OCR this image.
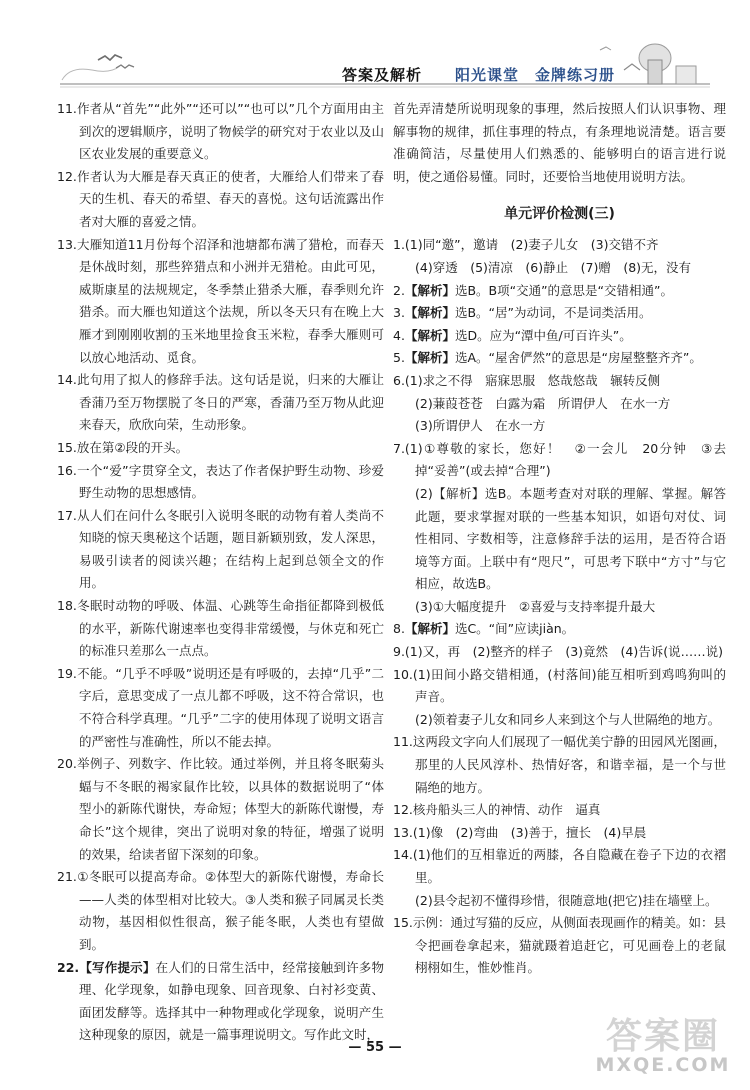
答案及解析 阳光课堂　金牌练习册

11.作者从“首先”“此外”“还可以”“也可以”几个方面用由主到次的逻辑顺序，说明了物候学的研究对于农业以及山区农业发展的重要意义。

12.作者认为大雁是春天真正的使者，大雁给人们带来了春天的生机、春天的希望、春天的喜悦。这句话流露出作者对大雁的喜爱之情。

13.大雁知道11月份每个沼泽和池塘都布满了猎枪，而春天是休战时刻，那些猝猎点和小洲并无猎枪。由此可见，威斯康星的法规规定，冬季禁止猎杀大雁，春季则允许猎杀。而大雁也知道这个法规，所以冬天只有在晚上大雁才到刚刚收割的玉米地里捡食玉米粒，春季大雁则可以放心地活动、觅食。

14.此句用了拟人的修辞手法。这句话是说，归来的大雁让香蒲乃至万物摆脱了冬日的严寒，香蒲乃至万物从此迎来春天，欣欣向荣，生动形象。

15.放在第②段的开头。

16.一个“爱”字贯穿全文，表达了作者保护野生动物、珍爱野生动物的思想感情。

17.从人们在问什么冬眠引入说明冬眠的动物有着人类尚不知晓的惊天奥秘这个话题，题目新颖别致，发人深思，易吸引读者的阅读兴趣；在结构上起到总领全文的作用。

18.冬眠时动物的呼吸、体温、心跳等生命指征都降到极低的水平，新陈代谢速率也变得非常缓慢，与休克和死亡的标准只差那么一点点。

19.不能。“几乎不呼吸”说明还是有呼吸的，去掉“几乎”二字后，意思变成了一点儿都不呼吸，这不符合常识，也不符合科学真理。“几乎”二字的使用体现了说明文语言的严密性与准确性，所以不能去掉。

20.举例子、列数字、作比较。通过举例，并且将冬眠菊头蝠与不冬眠的褐家鼠作比较，以具体的数据说明了“体型小的新陈代谢快，寿命短；体型大的新陈代谢慢，寿命长”这个规律，突出了说明对象的特征，增强了说明的效果，给读者留下深刻的印象。

21.①冬眠可以提高寿命。②体型大的新陈代谢慢，寿命长——人类的体型相对比较大。③人类和猴子同属灵长类动物，基因相似性很高，猴子能冬眠，人类也有望做到。

22.【写作提示】在人们的日常生活中，经常接触到许多物理、化学现象，如静电现象、回音现象、白衬衫变黄、面团发酵等。选择其中一种物理或化学现象，说明产生这种现象的原因，就是一篇事理说明文。写作此文时，

首先弄清楚所说明现象的事理，然后按照人们认识事物、理解事物的规律，抓住事理的特点，有条理地说清楚。语言要准确简洁，尽量使用人们熟悉的、能够明白的语言进行说明，使之通俗易懂。同时，还要恰当地使用说明方法。

单元评价检测(三)

1.(1)同“邀”，邀请　(2)妻子儿女　(3)交错不齐

(4)穿透　(5)清凉　(6)静止　(7)赠　(8)无，没有

2.【解析】选B。B项“交通”的意思是“交错相通”。

3.【解析】选B。“居”为动词，不是词类活用。

4.【解析】选D。应为“潭中鱼/可百许头”。

5.【解析】选A。“屋舍俨然”的意思是“房屋整整齐齐”。

6.(1)求之不得　寤寐思服　悠哉悠哉　辗转反侧

(2)蒹葭苍苍　白露为霜　所谓伊人　在水一方

(3)所谓伊人　在水一方

7.(1)①尊敬的家长，您好！　②一会儿　20分钟　③去掉“妥善”(或去掉“合理”)

(2)【解析】选B。本题考查对对联的理解、掌握。解答此题，要求掌握对联的一些基本知识，如语句对仗、词性相同、字数相等，注意修辞手法的运用，是否符合语境等方面。上联中有“咫尺”，可思考下联中“方寸”与它相应，故选B。

(3)①大幅度提升　②喜爱与支持率提升最大

8.【解析】选C。“间”应读jiàn。

9.(1)又，再　(2)整齐的样子　(3)竟然　(4)告诉(说……说)

10.(1)田间小路交错相通，(村落间)能互相听到鸡鸣狗叫的声音。

(2)领着妻子儿女和同乡人来到这个与人世隔绝的地方。

11.这两段文字向人们展现了一幅优美宁静的田园风光图画，那里的人民风淳朴、热情好客，和谐幸福，是一个与世隔绝的地方。

12.核舟船头三人的神情、动作　逼真

13.(1)像　(2)弯曲　(3)善于，擅长　(4)早晨

14.(1)他们的互相靠近的两膝，各自隐藏在卷子下边的衣褶里。

(2)县令起初不懂得珍惜，很随意地(把它)挂在墙壁上。

15.示例：通过写猫的反应，从侧面表现画作的精美。如：县令把画卷拿起来，猫就蹑着追赶它，可见画卷上的老鼠栩栩如生，惟妙惟肖。

— 55 —	答案圈
MXQE.COM
